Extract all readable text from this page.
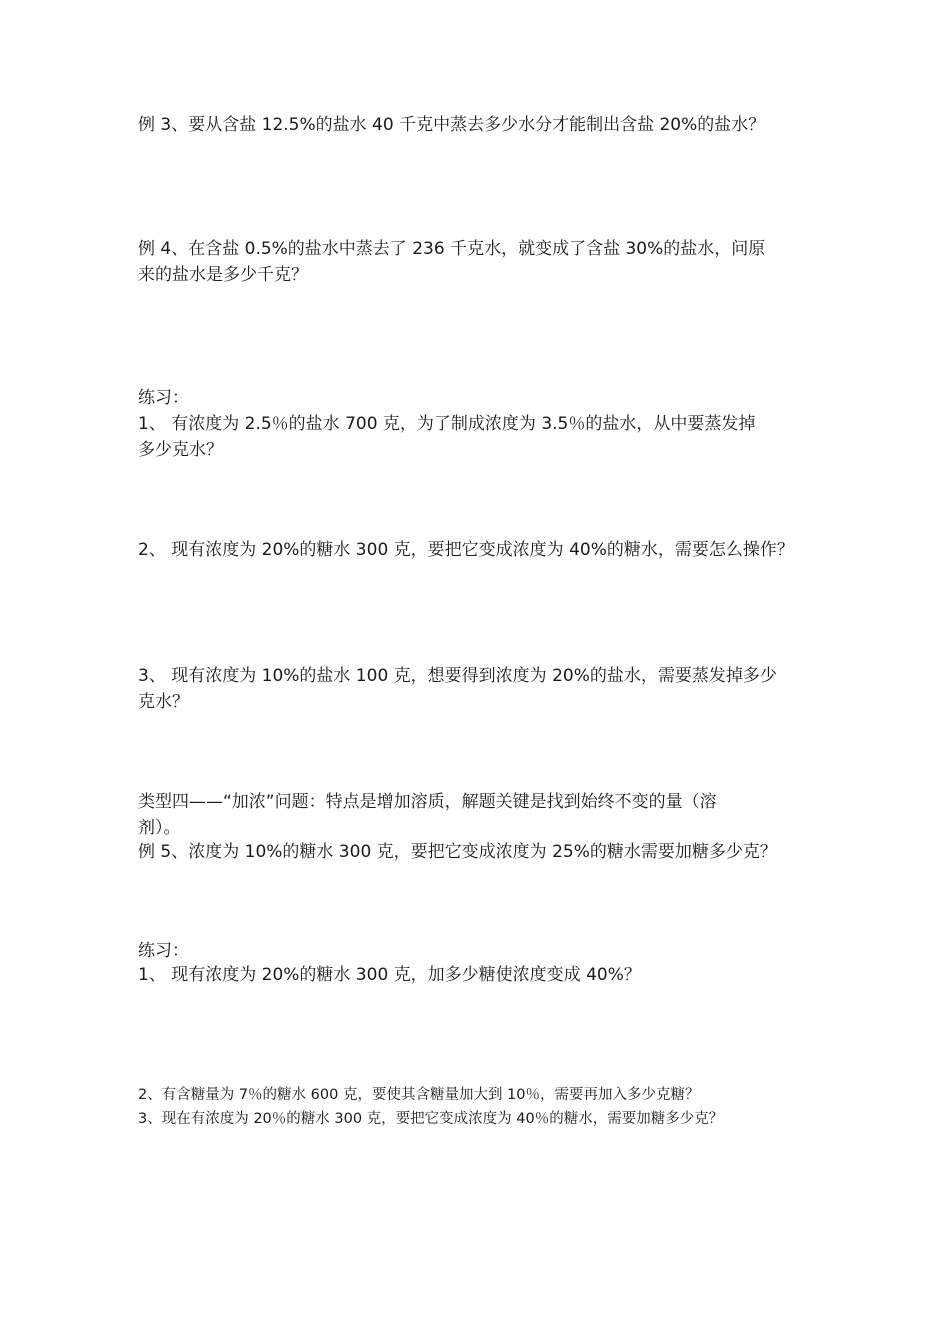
例 3、要从含盐 12.5%的盐水 40 千克中蒸去多少水分才能制出含盐 20%的盐水？

例 4、在含盐 0.5%的盐水中蒸去了 236 千克水，就变成了含盐 30%的盐水，问原

来的盐水是多少千克？

练习：

1、 有浓度为 2.5％的盐水 700 克，为了制成浓度为 3.5％的盐水，从中要蒸发掉

多少克水？

2、 现有浓度为 20%的糖水 300 克，要把它变成浓度为 40%的糖水，需要怎么操作？

3、 现有浓度为 10%的盐水 100 克，想要得到浓度为 20%的盐水，需要蒸发掉多少

克水？

类型四——“加浓”问题：特点是增加溶质，解题关键是找到始终不变的量（溶

剂）。

例 5、浓度为 10%的糖水 300 克，要把它变成浓度为 25%的糖水需要加糖多少克？

练习：

1、 现有浓度为 20%的糖水 300 克，加多少糖使浓度变成 40%？

2、有含糖量为 7％的糖水 600 克，要使其含糖量加大到 10％，需要再加入多少克糖？

3、现在有浓度为 20％的糖水 300 克，要把它变成浓度为 40％的糖水，需要加糖多少克？
